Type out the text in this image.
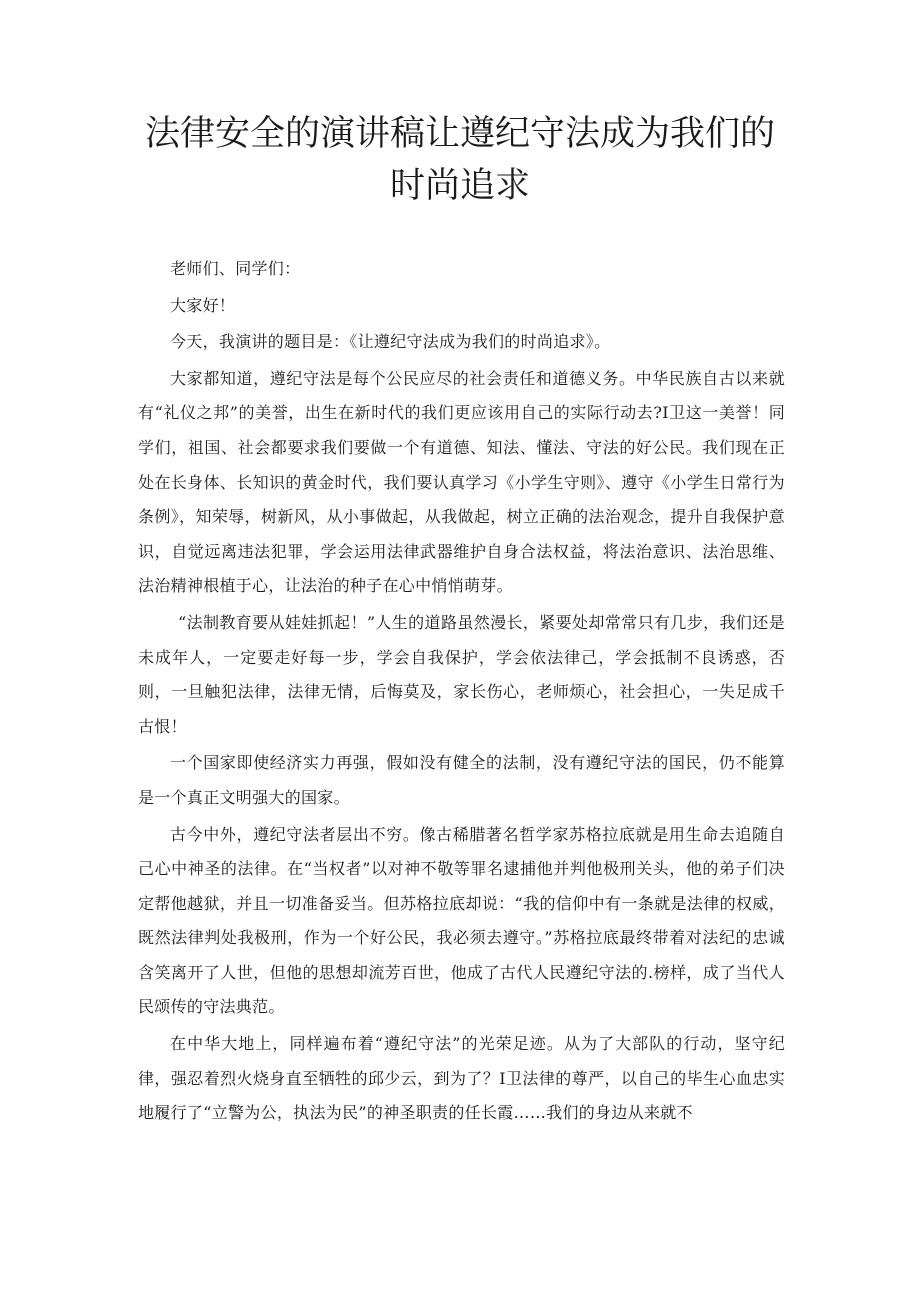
法律安全的演讲稿让遵纪守法成为我们的
时尚追求

老师们、同学们：

大家好！

今天，我演讲的题目是：《让遵纪守法成为我们的时尚追求》。

大家都知道，遵纪守法是每个公民应尽的社会责任和道德义务。中华民族自古以来就有“礼仪之邦”的美誉，出生在新时代的我们更应该用自己的实际行动去?I卫这一美誉！同学们，祖国、社会都要求我们要做一个有道德、知法、懂法、守法的好公民。我们现在正处在长身体、长知识的黄金时代，我们要认真学习《小学生守则》、遵守《小学生日常行为条例》，知荣辱，树新风，从小事做起，从我做起，树立正确的法治观念，提升自我保护意识，自觉远离违法犯罪，学会运用法律武器维护自身合法权益，将法治意识、法治思维、法治精神根植于心，让法治的种子在心中悄悄萌芽。

“法制教育要从娃娃抓起！”人生的道路虽然漫长，紧要处却常常只有几步，我们还是未成年人，一定要走好每一步，学会自我保护，学会依法律己，学会抵制不良诱惑，否则，一旦触犯法律，法律无情，后悔莫及，家长伤心，老师烦心，社会担心，一失足成千古恨！

一个国家即使经济实力再强，假如没有健全的法制，没有遵纪守法的国民，仍不能算是一个真正文明强大的国家。

古今中外，遵纪守法者层出不穷。像古稀腊著名哲学家苏格拉底就是用生命去追随自己心中神圣的法律。在“当权者”以对神不敬等罪名逮捕他并判他极刑关头，他的弟子们决定帮他越狱，并且一切准备妥当。但苏格拉底却说：“我的信仰中有一条就是法律的权威，既然法律判处我极刑，作为一个好公民，我必须去遵守。”苏格拉底最终带着对法纪的忠诚含笑离开了人世，但他的思想却流芳百世，他成了古代人民遵纪守法的.榜样，成了当代人民颂传的守法典范。

在中华大地上，同样遍布着“遵纪守法”的光荣足迹。从为了大部队的行动，坚守纪律，强忍着烈火烧身直至牺牲的邱少云，到为了？I卫法律的尊严，以自己的毕生心血忠实地履行了“立警为公，执法为民”的神圣职责的任长霞……我们的身边从来就不
